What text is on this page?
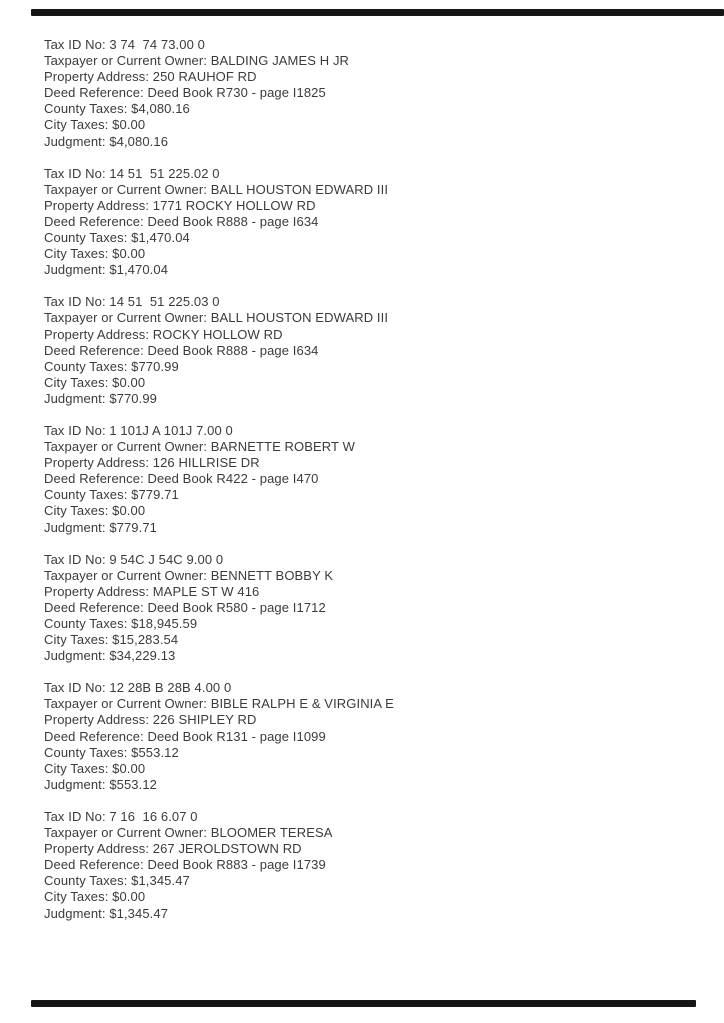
Tax ID No: 3 74  74 73.00 0
Taxpayer or Current Owner: BALDING JAMES H JR
Property Address: 250 RAUHOF RD
Deed Reference: Deed Book R730 - page I1825
County Taxes: $4,080.16
City Taxes: $0.00
Judgment: $4,080.16
Tax ID No: 14 51  51 225.02 0
Taxpayer or Current Owner: BALL HOUSTON EDWARD III
Property Address: 1771 ROCKY HOLLOW RD
Deed Reference: Deed Book R888 - page I634
County Taxes: $1,470.04
City Taxes: $0.00
Judgment: $1,470.04
Tax ID No: 14 51  51 225.03 0
Taxpayer or Current Owner: BALL HOUSTON EDWARD III
Property Address: ROCKY HOLLOW RD
Deed Reference: Deed Book R888 - page I634
County Taxes: $770.99
City Taxes: $0.00
Judgment: $770.99
Tax ID No: 1 101J A 101J 7.00 0
Taxpayer or Current Owner: BARNETTE ROBERT W
Property Address: 126 HILLRISE DR
Deed Reference: Deed Book R422 - page I470
County Taxes: $779.71
City Taxes: $0.00
Judgment: $779.71
Tax ID No: 9 54C J 54C 9.00 0
Taxpayer or Current Owner: BENNETT BOBBY K
Property Address: MAPLE ST W 416
Deed Reference: Deed Book R580 - page I1712
County Taxes: $18,945.59
City Taxes: $15,283.54
Judgment: $34,229.13
Tax ID No: 12 28B B 28B 4.00 0
Taxpayer or Current Owner: BIBLE RALPH E & VIRGINIA E
Property Address: 226 SHIPLEY RD
Deed Reference: Deed Book R131 - page I1099
County Taxes: $553.12
City Taxes: $0.00
Judgment: $553.12
Tax ID No: 7 16  16 6.07 0
Taxpayer or Current Owner: BLOOMER TERESA
Property Address: 267 JEROLDSTOWN RD
Deed Reference: Deed Book R883 - page I1739
County Taxes: $1,345.47
City Taxes: $0.00
Judgment: $1,345.47
